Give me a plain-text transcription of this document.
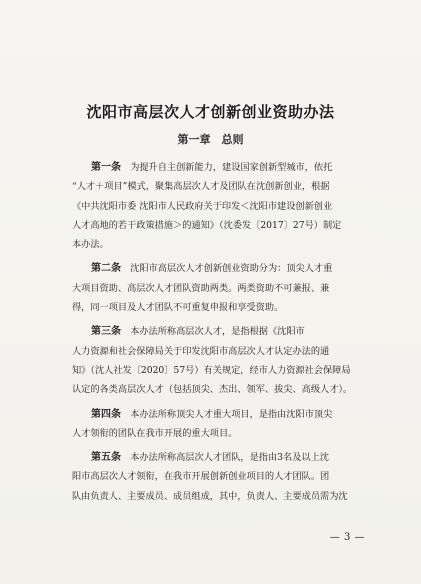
沈阳市高层次人才创新创业资助办法
第一章　总则
第一条　 为提升自主创新能力，建设国家创新型城市，依托
“人才＋项目”模式，聚集高层次人才及团队在沈创新创业，根据
《中共沈阳市委 沈阳市人民政府关于印发＜沈阳市建设创新创业
人才高地的若干政策措施＞的通知》（沈委发〔2017〕27号）制定
本办法。
第二条　 沈阳市高层次人才创新创业资助分为：顶尖人才重
大项目资助、高层次人才团队资助两类。两类资助不可兼报、兼
得，同一项目及人才团队不可重复申报和享受资助。
第三条　 本办法所称高层次人才，是指根据《沈阳市
人力资源和社会保障局关于印发沈阳市高层次人才认定办法的通
知》（沈人社发〔2020〕57号）有关规定，经市人力资源社会保障局
认定的各类高层次人才（包括顶尖、杰出、领军、拔尖、高级人才）。
第四条　 本办法所称顶尖人才重大项目，是指由沈阳市顶尖
人才领衔的团队在我市开展的重大项目。
第五条　 本办法所称高层次人才团队，是指由3名及以上沈
阳市高层次人才领衔，在我市开展创新创业项目的人才团队。团
队由负责人、主要成员、成员组成，其中，负责人、主要成员需为沈
— 3 —
